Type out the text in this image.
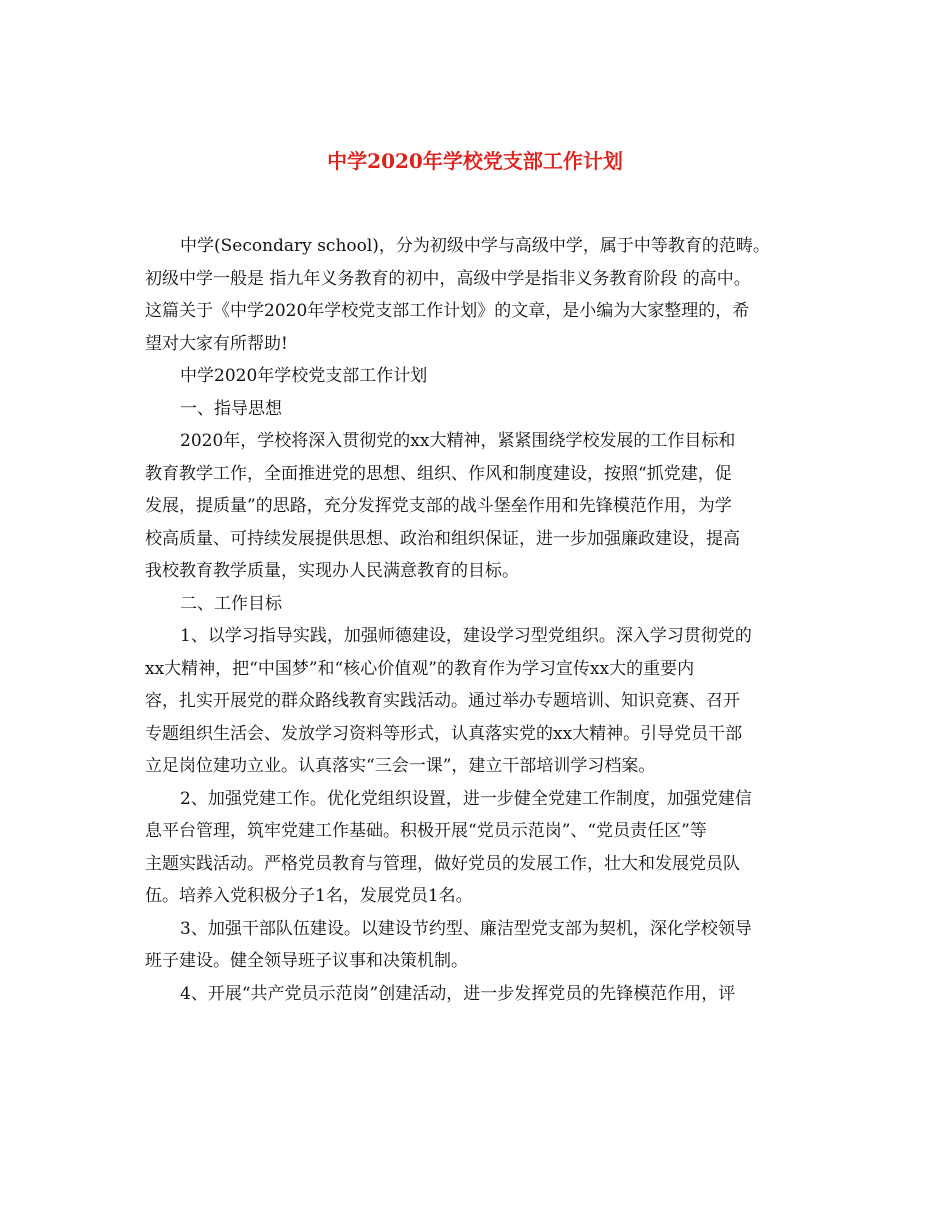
中学2020年学校党支部工作计划
中学(Secondary school)，分为初级中学与高级中学，属于中等教育的范畴。
初级中学一般是 指九年义务教育的初中，高级中学是指非义务教育阶段 的高中。
这篇关于《中学2020年学校党支部工作计划》的文章，是小编为大家整理的，希
望对大家有所帮助!
中学2020年学校党支部工作计划
一、指导思想
2020年，学校将深入贯彻党的xx大精神，紧紧围绕学校发展的工作目标和
教育教学工作，全面推进党的思想、组织、作风和制度建设，按照“抓党建，促
发展，提质量”的思路，充分发挥党支部的战斗堡垒作用和先锋模范作用，为学
校高质量、可持续发展提供思想、政治和组织保证，进一步加强廉政建设，提高
我校教育教学质量，实现办人民满意教育的目标。
二、工作目标
1、以学习指导实践，加强师德建设，建设学习型党组织。深入学习贯彻党的
xx大精神，把“中国梦”和“核心价值观”的教育作为学习宣传xx大的重要内
容，扎实开展党的群众路线教育实践活动。通过举办专题培训、知识竞赛、召开
专题组织生活会、发放学习资料等形式，认真落实党的xx大精神。引导党员干部
立足岗位建功立业。认真落实“三会一课”，建立干部培训学习档案。
2、加强党建工作。优化党组织设置，进一步健全党建工作制度，加强党建信
息平台管理，筑牢党建工作基础。积极开展“党员示范岗”、“党员责任区”等
主题实践活动。严格党员教育与管理，做好党员的发展工作，壮大和发展党员队
伍。培养入党积极分子1名，发展党员1名。
3、加强干部队伍建设。以建设节约型、廉洁型党支部为契机，深化学校领导
班子建设。健全领导班子议事和决策机制。
4、开展“共产党员示范岗”创建活动，进一步发挥党员的先锋模范作用，评
